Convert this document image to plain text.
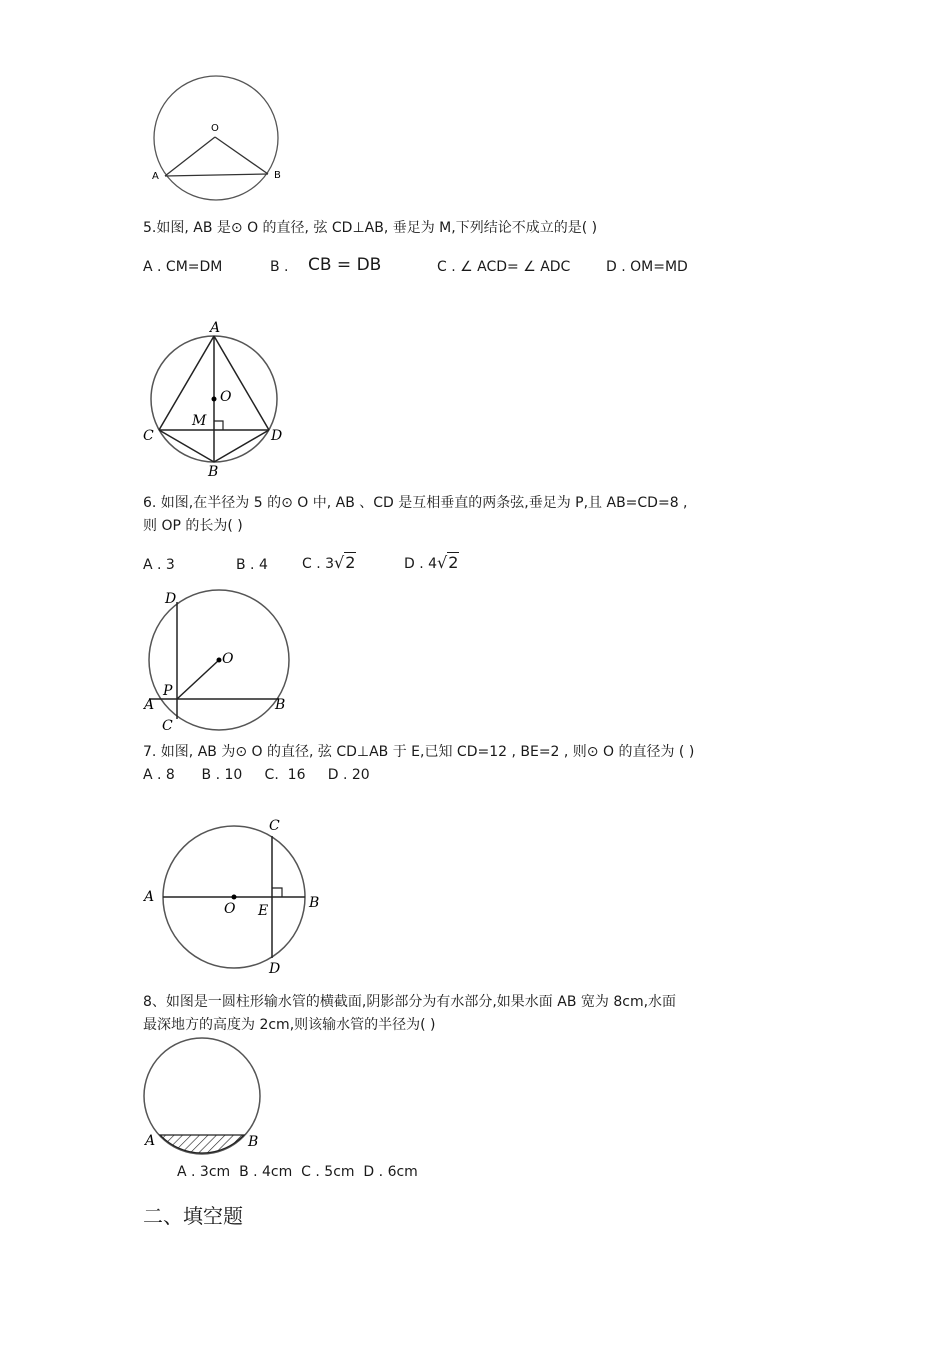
O
A	B
5.如图, AB 是⊙ O 的直径, 弦 CD⊥AB, 垂足为 M,下列结论不成立的是( )
A . CM=DM	B . CB = DB	C . ∠ ACD= ∠ ADC	D . OM=MD
A
O
M
C	D
B
6. 如图,在半径为 5 的⊙ O 中, AB 、CD 是互相垂直的两条弦,垂足为 P,且 AB=CD=8 ,
则 OP 的长为( )
A . 3	B . 4 C . 3√2	D . 4√2
D
O
P
A
C
B
7. 如图, AB 为⊙ O 的直径, 弦 CD⊥AB 于 E,已知 CD=12 , BE=2 , 则⊙ O 的直径为 ( )
A . 8      B . 10     C.  16     D . 20
C
A
O E	B
D
8、如图是一圆柱形输水管的横截面,阴影部分为有水部分,如果水面 AB 宽为 8cm,水面
最深地方的高度为 2cm,则该输水管的半径为( )
A	B
A . 3cm  B . 4cm  C . 5cm  D . 6cm
二、填空题
